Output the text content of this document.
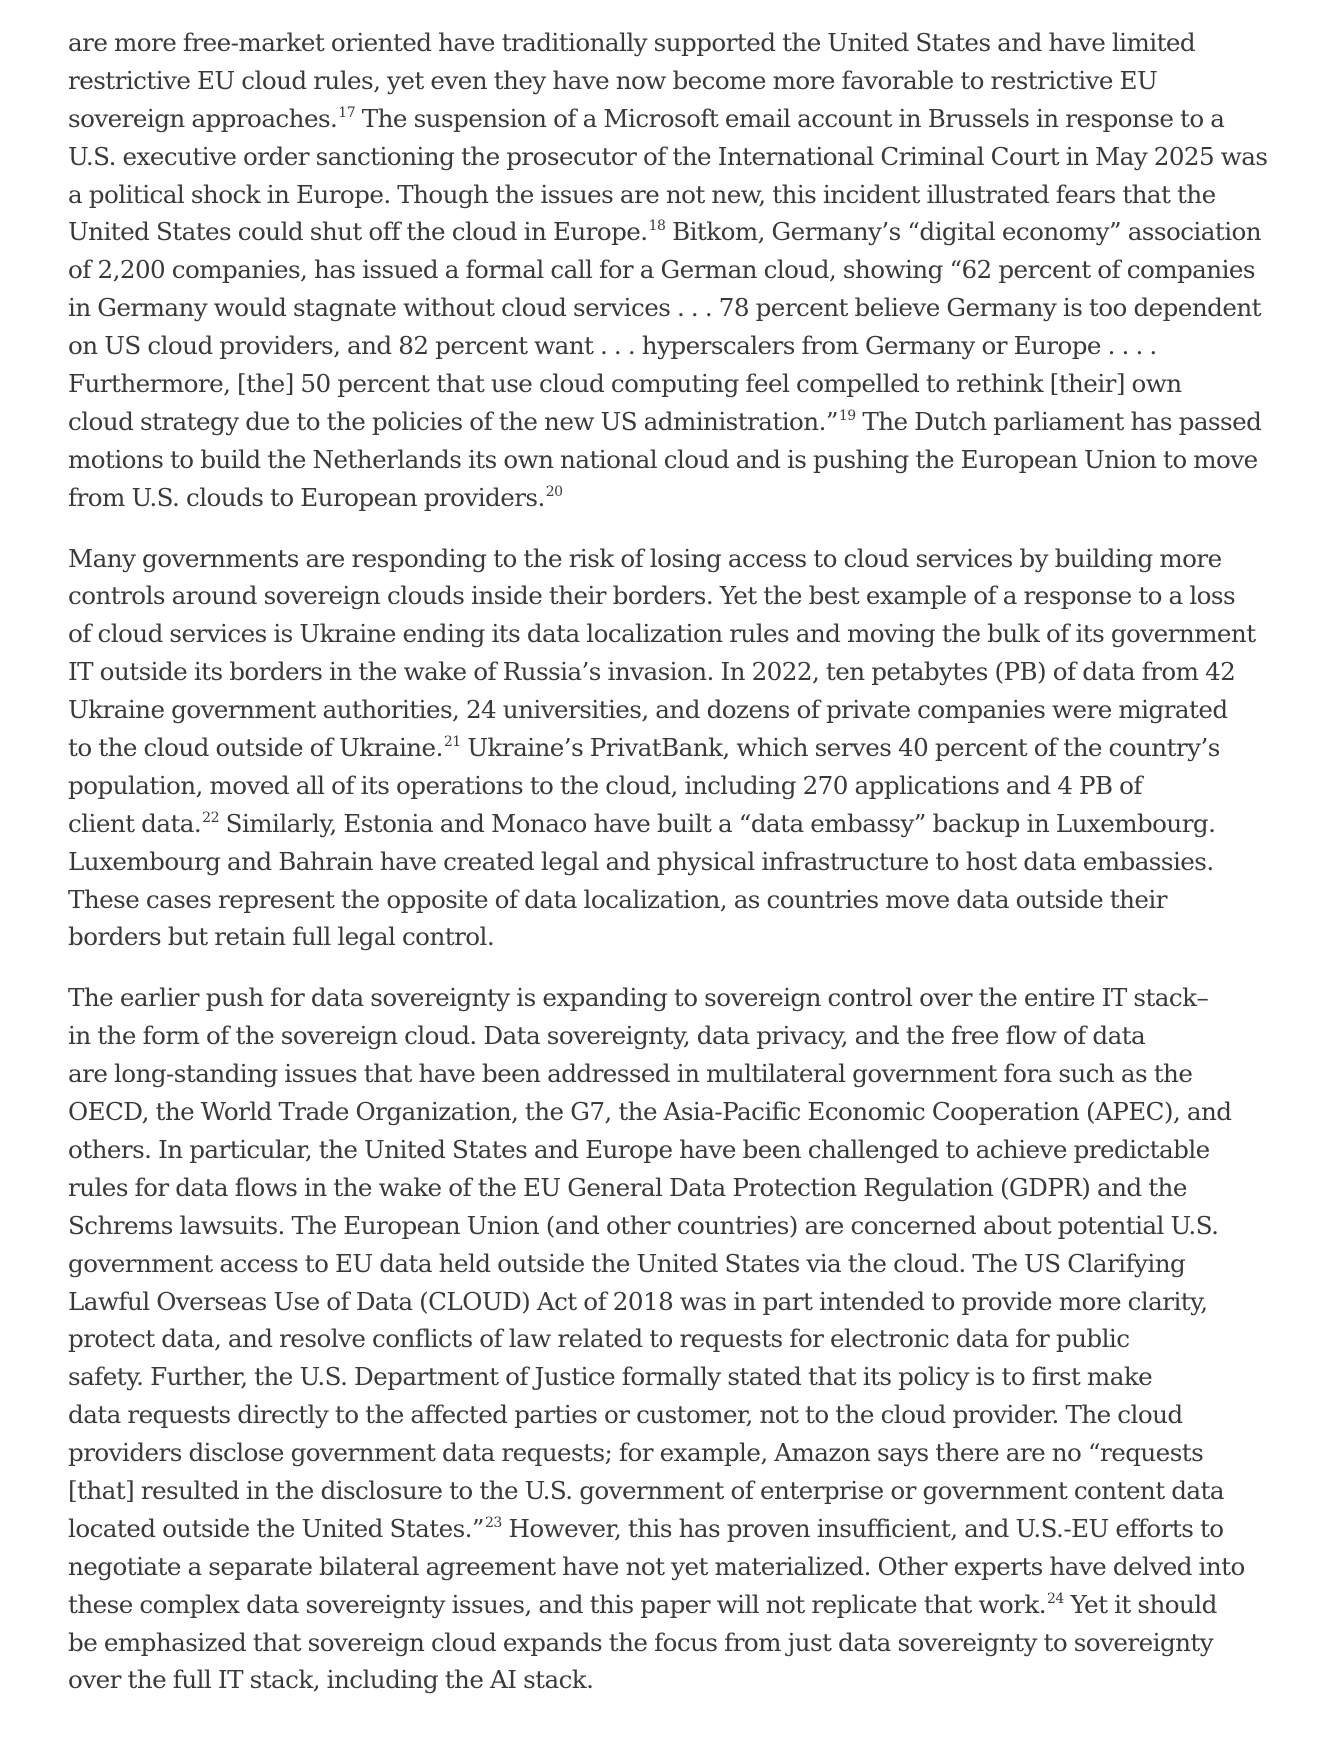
are more free-market oriented have traditionally supported the United States and have limited
restrictive EU cloud rules, yet even they have now become more favorable to restrictive EU
sovereign approaches.$^{17}$ The suspension of a Microsoft email account in Brussels in response to a
U.S. executive order sanctioning the prosecutor of the International Criminal Court in May 2025 was
a political shock in Europe. Though the issues are not new, this incident illustrated fears that the
United States could shut off the cloud in Europe.$^{18}$ Bitkom, Germany’s “digital economy” association
of 2,200 companies, has issued a formal call for a German cloud, showing “62 percent of companies
in Germany would stagnate without cloud services . . . 78 percent believe Germany is too dependent
on US cloud providers, and 82 percent want . . . hyperscalers from Germany or Europe . . . .
Furthermore, [the] 50 percent that use cloud computing feel compelled to rethink [their] own
cloud strategy due to the policies of the new US administration.”$^{19}$ The Dutch parliament has passed
motions to build the Netherlands its own national cloud and is pushing the European Union to move
from U.S. clouds to European providers.$^{20}$
Many governments are responding to the risk of losing access to cloud services by building more
controls around sovereign clouds inside their borders. Yet the best example of a response to a loss
of cloud services is Ukraine ending its data localization rules and moving the bulk of its government
IT outside its borders in the wake of Russia’s invasion. In 2022, ten petabytes (PB) of data from 42
Ukraine government authorities, 24 universities, and dozens of private companies were migrated
to the cloud outside of Ukraine.$^{21}$ Ukraine’s PrivatBank, which serves 40 percent of the country’s
population, moved all of its operations to the cloud, including 270 applications and 4 PB of
client data.$^{22}$ Similarly, Estonia and Monaco have built a “data embassy” backup in Luxembourg.
Luxembourg and Bahrain have created legal and physical infrastructure to host data embassies.
These cases represent the opposite of data localization, as countries move data outside their
borders but retain full legal control.
The earlier push for data sovereignty is expanding to sovereign control over the entire IT stack–
in the form of the sovereign cloud. Data sovereignty, data privacy, and the free flow of data
are long-standing issues that have been addressed in multilateral government fora such as the
OECD, the World Trade Organization, the G7, the Asia-Pacific Economic Cooperation (APEC), and
others. In particular, the United States and Europe have been challenged to achieve predictable
rules for data flows in the wake of the EU General Data Protection Regulation (GDPR) and the
Schrems lawsuits. The European Union (and other countries) are concerned about potential U.S.
government access to EU data held outside the United States via the cloud. The US Clarifying
Lawful Overseas Use of Data (CLOUD) Act of 2018 was in part intended to provide more clarity,
protect data, and resolve conflicts of law related to requests for electronic data for public
safety. Further, the U.S. Department of Justice formally stated that its policy is to first make
data requests directly to the affected parties or customer, not to the cloud provider. The cloud
providers disclose government data requests; for example, Amazon says there are no “requests
[that] resulted in the disclosure to the U.S. government of enterprise or government content data
located outside the United States.”$^{23}$ However, this has proven insufficient, and U.S.-EU efforts to
negotiate a separate bilateral agreement have not yet materialized. Other experts have delved into
these complex data sovereignty issues, and this paper will not replicate that work.$^{24}$ Yet it should
be emphasized that sovereign cloud expands the focus from just data sovereignty to sovereignty
over the full IT stack, including the AI stack.
